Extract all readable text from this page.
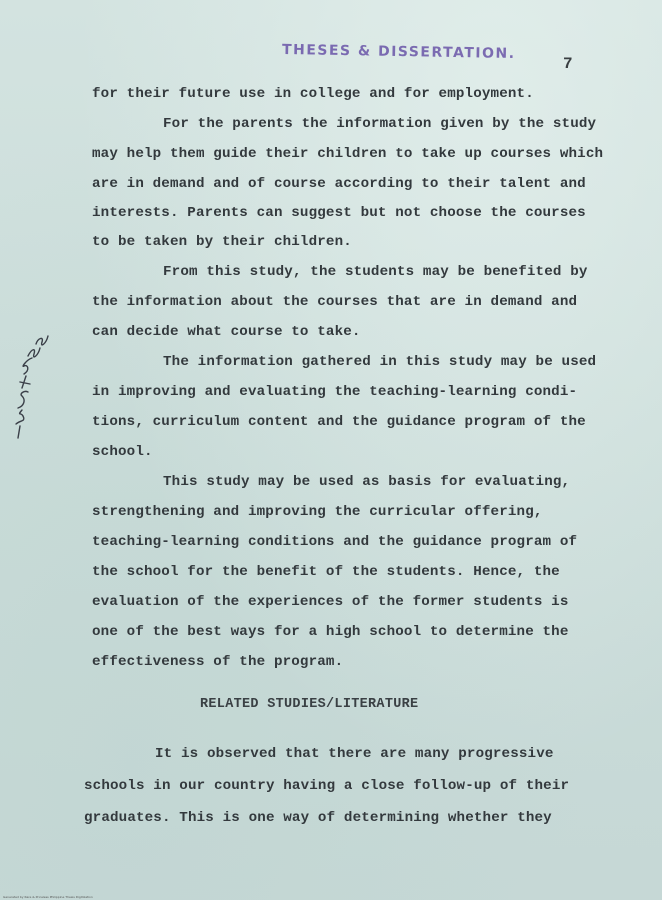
THESES & DISSERTATION.
7
for their future use in college and for employment.
For the parents the information given by the study
may help them guide their children to take up courses which
are in demand and of course according to their talent and
interests. Parents can suggest but not choose the courses
to be taken by their children.
From this study, the students may be benefited by
the information about the courses that are in demand and
can decide what course to take.
The information gathered in this study may be used
in improving and evaluating the teaching-learning condi-
tions, curriculum content and the guidance program of the
school.
This study may be used as basis for evaluating,
strengthening and improving the curricular offering,
teaching-learning conditions and the guidance program of
the school for the benefit of the students. Hence, the
evaluation of the experiences of the former students is
one of the best ways for a high school to determine the
effectiveness of the program.
RELATED STUDIES/LITERATURE
It is observed that there are many progressive
schools in our country having a close follow-up of their
graduates. This is one way of determining whether they
Generated by Rare & Priceless Philippine Thesis Digitization
